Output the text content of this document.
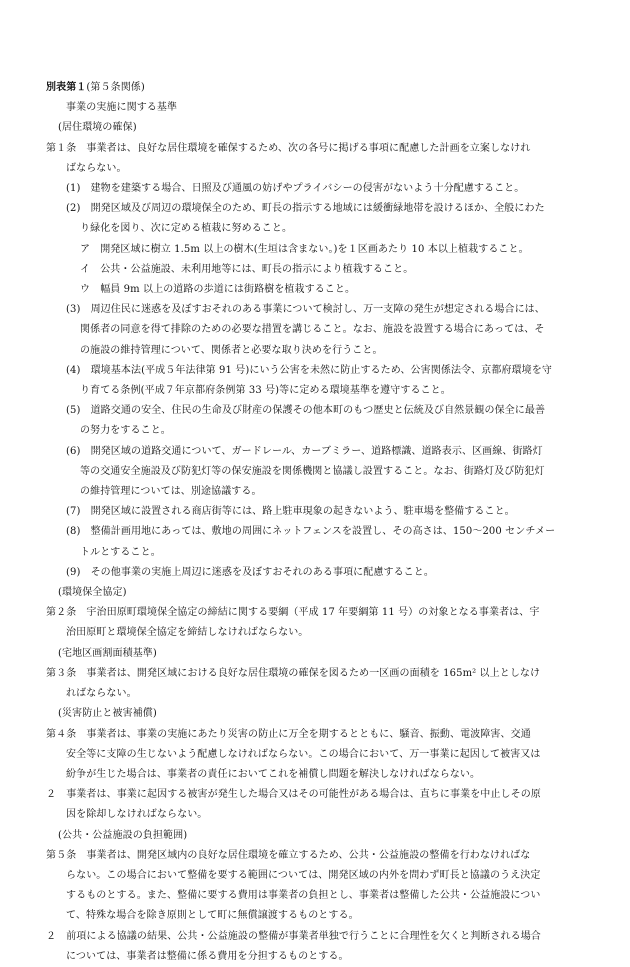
別表第１(第５条関係)
事業の実施に関する基準
(居住環境の確保)
第１条　事業者は、良好な居住環境を確保するため、次の各号に掲げる事項に配慮した計画を立案しなけれ
ばならない。
(1)　建物を建築する場合、日照及び通風の妨げやプライバシーの侵害がないよう十分配慮すること。
(2)　開発区域及び周辺の環境保全のため、町長の指示する地域には緩衝緑地帯を設けるほか、全般にわた
り緑化を図り、次に定める植栽に努めること。
ア　開発区域に樹立 1.5m 以上の樹木(生垣は含まない。)を１区画あたり 10 本以上植栽すること。
イ　公共・公益施設、未利用地等には、町長の指示により植栽すること。
ウ　幅員 9m 以上の道路の歩道には街路樹を植栽すること。
(3)　周辺住民に迷惑を及ぼすおそれのある事業について検討し、万一支障の発生が想定される場合には、
関係者の同意を得て排除のための必要な措置を講じること。なお、施設を設置する場合にあっては、そ
の施設の維持管理について、関係者と必要な取り決めを行うこと。
(4)　環境基本法(平成５年法律第 91 号)にいう公害を未然に防止するため、公害関係法令、京都府環境を守
り育てる条例(平成７年京都府条例第 33 号)等に定める環境基準を遵守すること。
(5)　道路交通の安全、住民の生命及び財産の保護その他本町のもつ歴史と伝統及び自然景観の保全に最善
の努力をすること。
(6)　開発区域の道路交通について、ガードレール、カーブミラー、道路標識、道路表示、区画線、街路灯
等の交通安全施設及び防犯灯等の保安施設を関係機関と協議し設置すること。なお、街路灯及び防犯灯
の維持管理については、別途協議する。
(7)　開発区域に設置される商店街等には、路上駐車現象の起きないよう、駐車場を整備すること。
(8)　整備計画用地にあっては、敷地の周囲にネットフェンスを設置し、その高さは、150～200 センチメー
トルとすること。
(9)　その他事業の実施上周辺に迷惑を及ぼすおそれのある事項に配慮すること。
(環境保全協定)
第２条　宇治田原町環境保全協定の締結に関する要綱（平成 17 年要綱第 11 号）の対象となる事業者は、宇
治田原町と環境保全協定を締結しなければならない。
(宅地区画割面積基準)
第３条　事業者は、開発区域における良好な居住環境の確保を図るため一区画の面積を 165m² 以上としなけ
ればならない。
(災害防止と被害補償)
第４条　事業者は、事業の実施にあたり災害の防止に万全を期するとともに、騒音、振動、電波障害、交通
安全等に支障の生じないよう配慮しなければならない。この場合において、万一事業に起因して被害又は
紛争が生じた場合は、事業者の責任においてこれを補償し問題を解決しなければならない。
２　事業者は、事業に起因する被害が発生した場合又はその可能性がある場合は、直ちに事業を中止しその原
因を除却しなければならない。
(公共・公益施設の負担範囲)
第５条　事業者は、開発区域内の良好な居住環境を確立するため、公共・公益施設の整備を行わなければな
らない。この場合において整備を要する範囲については、開発区域の内外を問わず町長と協議のうえ決定
するものとする。また、整備に要する費用は事業者の負担とし、事業者は整備した公共・公益施設につい
て、特殊な場合を除き原則として町に無償譲渡するものとする。
２　前項による協議の結果、公共・公益施設の整備が事業者単独で行うことに合理性を欠くと判断される場合
については、事業者は整備に係る費用を分担するものとする。
